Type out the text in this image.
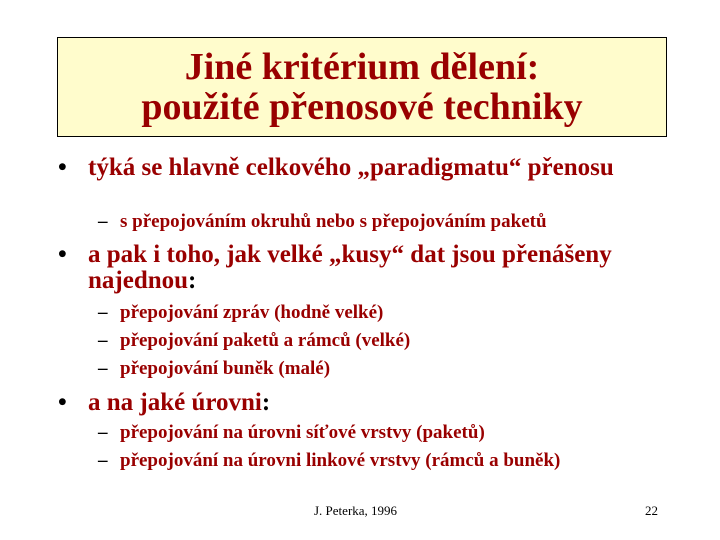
Jiné kritérium dělení:
použité přenosové techniky
• týká se hlavně celkového „paradigmatu“ přenosu
– s přepojováním okruhů nebo s přepojováním paketů
• a pak i toho, jak velké „kusy“ dat jsou přenášeny najednou:
– přepojování zpráv (hodně velké)
– přepojování paketů a rámců (velké)
– přepojování buněk (malé)
• a na jaké úrovni:
– přepojování na úrovni síťové vrstvy (paketů)
– přepojování na úrovni linkové vrstvy (rámců a buněk)
J. Peterka, 1996	22
